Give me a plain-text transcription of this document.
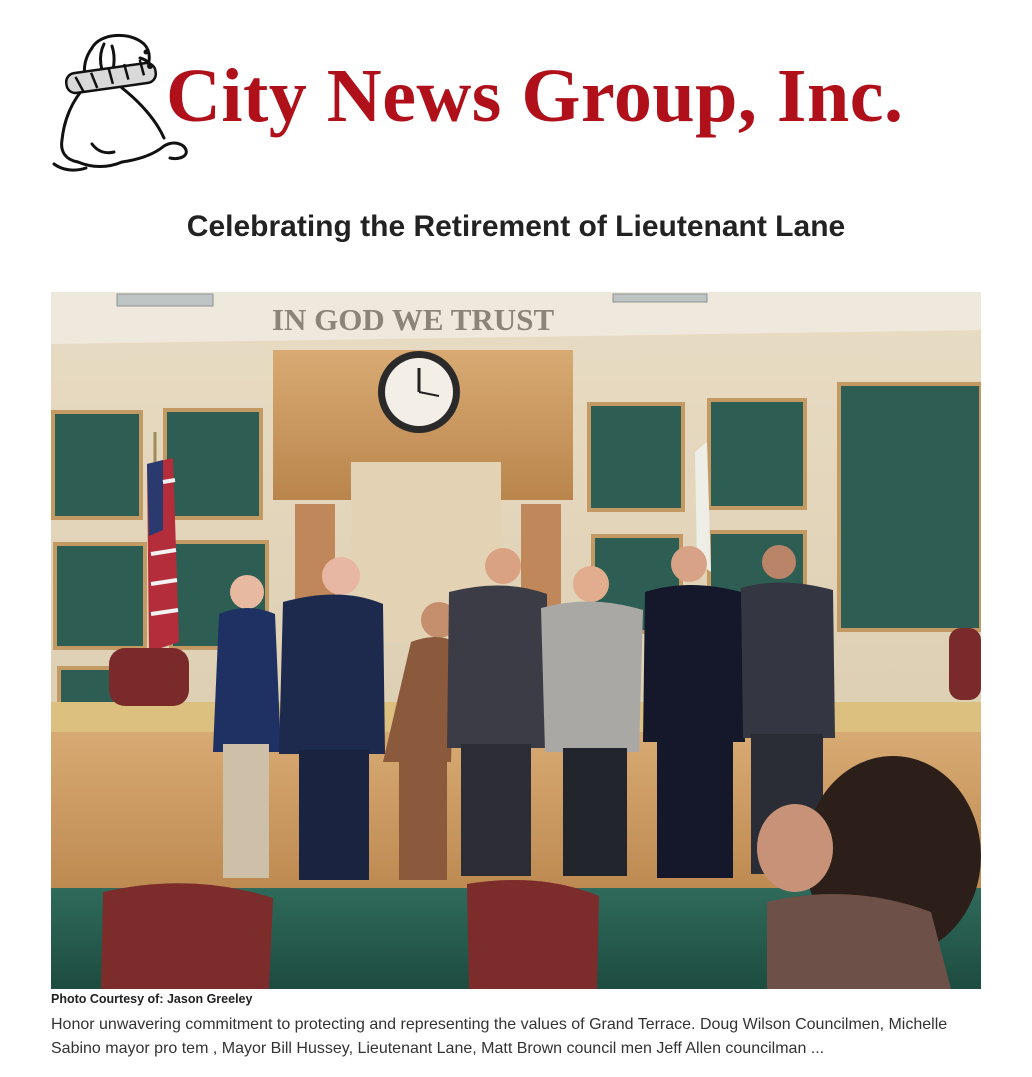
City News Group, Inc.
Celebrating the Retirement of Lieutenant Lane
IN GOD WE TRUST
Photo Courtesy of: Jason Greeley

Honor unwavering commitment to protecting and representing the values of Grand Terrace. Doug Wilson Councilmen, Michelle Sabino mayor pro tem , Mayor Bill Hussey, Lieutenant Lane, Matt Brown council men Jeff Allen councilman ...
